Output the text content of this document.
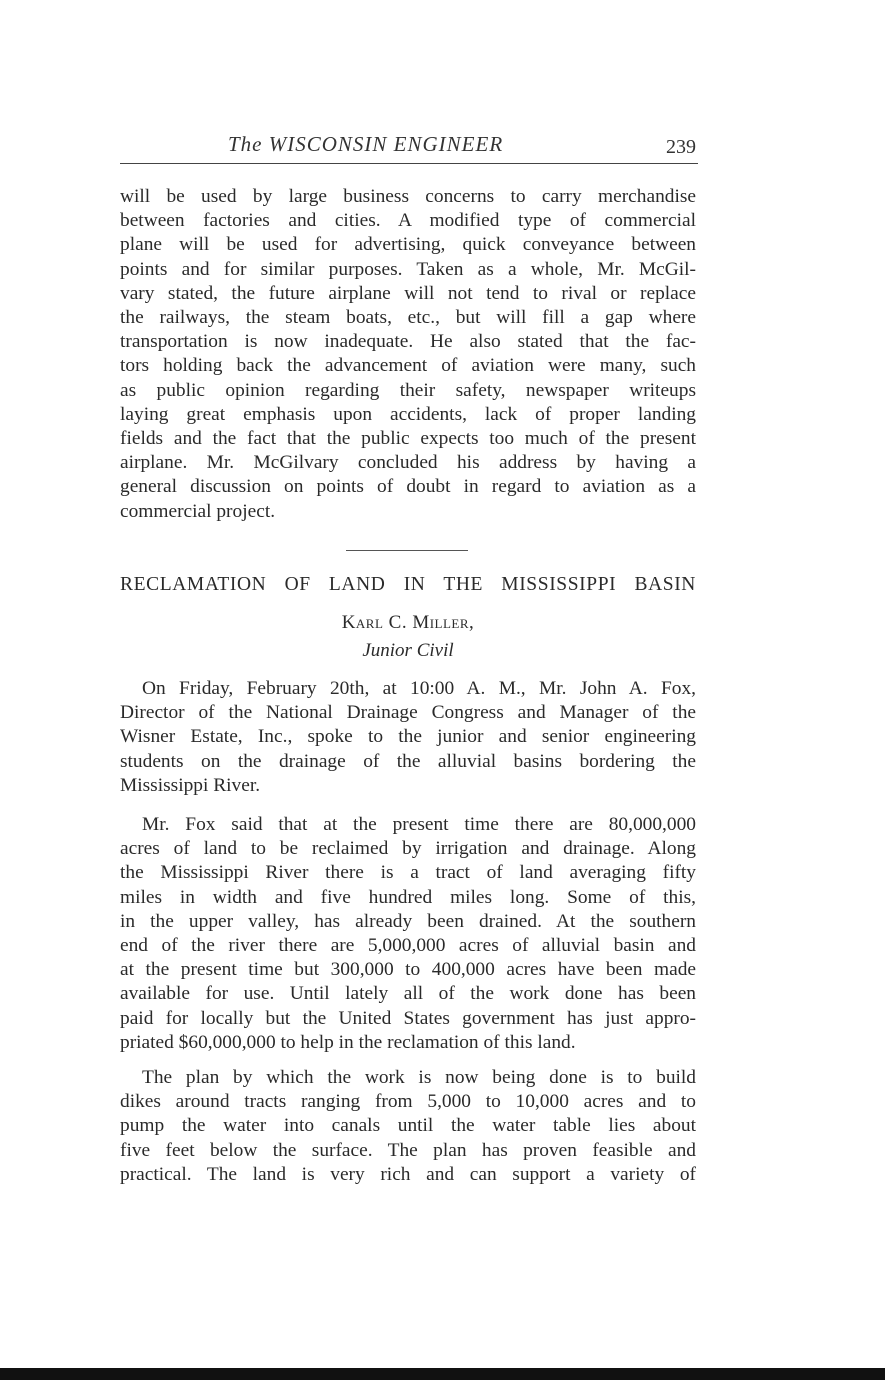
The WISCONSIN ENGINEER	239
will be used by large business concerns to carry merchandise
between factories and cities. A modified type of commercial
plane will be used for advertising, quick conveyance between
points and for similar purposes. Taken as a whole, Mr. McGil-
vary stated, the future airplane will not tend to rival or replace
the railways, the steam boats, etc., but will fill a gap where
transportation is now inadequate. He also stated that the fac-
tors holding back the advancement of aviation were many, such
as public opinion regarding their safety, newspaper writeups
laying great emphasis upon accidents, lack of proper landing
fields and the fact that the public expects too much of the present
airplane. Mr. McGilvary concluded his address by having a
general discussion on points of doubt in regard to aviation as a
commercial project.
RECLAMATION OF LAND IN THE MISSISSIPPI BASIN
Karl C. Miller,
Junior Civil
On Friday, February 20th, at 10:00 A. M., Mr. John A. Fox,
Director of the National Drainage Congress and Manager of the
Wisner Estate, Inc., spoke to the junior and senior engineering
students on the drainage of the alluvial basins bordering the
Mississippi River.
Mr. Fox said that at the present time there are 80,000,000
acres of land to be reclaimed by irrigation and drainage. Along
the Mississippi River there is a tract of land averaging fifty
miles in width and five hundred miles long. Some of this,
in the upper valley, has already been drained. At the southern
end of the river there are 5,000,000 acres of alluvial basin and
at the present time but 300,000 to 400,000 acres have been made
available for use. Until lately all of the work done has been
paid for locally but the United States government has just appro-
priated $60,000,000 to help in the reclamation of this land.
The plan by which the work is now being done is to build
dikes around tracts ranging from 5,000 to 10,000 acres and to
pump the water into canals until the water table lies about
five feet below the surface. The plan has proven feasible and
practical. The land is very rich and can support a variety of
